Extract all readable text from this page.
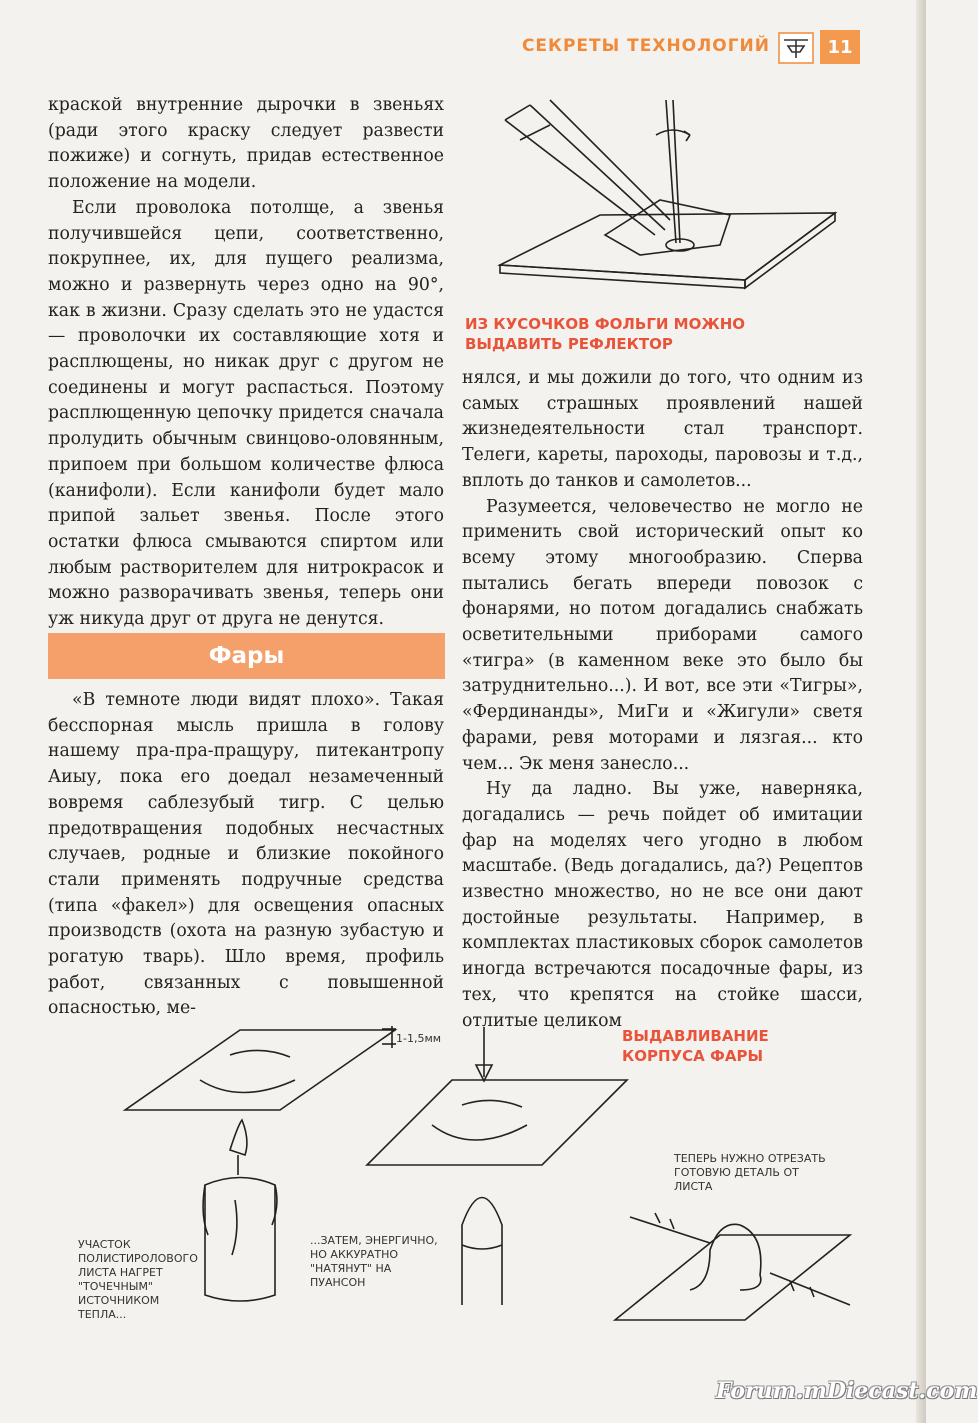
СЕКРЕТЫ ТЕХНОЛОГИЙ	11

краской внутренние дырочки в звеньях (ради этого краску следует развести пожиже) и согнуть, придав естественное положение на модели.

Если проволока потолще, а звенья получившейся цепи, соответственно, покрупнее, их, для пущего реализма, можно и развернуть через одно на 90°, как в жизни. Сразу сделать это не удастся — проволочки их составляющие хотя и расплющены, но никак друг с другом не соединены и могут распасться. Поэтому расплющенную цепочку придется сначала пролудить обычным свинцово-оловянным, припоем при большом количестве флюса (канифоли). Если канифоли будет мало припой зальет звенья. После этого остатки флюса смываются спиртом или любым растворителем для нитрокрасок и можно разворачивать звенья, теперь они уж никуда друг от друга не денутся.

Фары

«В темноте люди видят плохо». Такая бесспорная мысль пришла в голову нашему пра-пра-пращуру, питекантропу Аиыу, пока его доедал незамеченный вовремя саблезубый тигр. С целью предотвращения подобных несчастных случаев, родные и близкие покойного стали применять подручные средства (типа «факел») для освещения опасных производств (охота на разную зубастую и рогатую тварь). Шло время, профиль работ, связанных с повышенной опасностью, ме-

ИЗ КУСОЧКОВ ФОЛЬГИ МОЖНО ВЫДАВИТЬ РЕФЛЕКТОР

нялся, и мы дожили до того, что одним из самых страшных проявлений нашей жизнедеятельности стал транспорт. Телеги, кареты, пароходы, паровозы и т.д., вплоть до танков и самолетов...

Разумеется, человечество не могло не применить свой исторический опыт ко всему этому многообразию. Сперва пытались бегать впереди повозок с фонарями, но потом догадались снабжать осветительными приборами самого «тигра» (в каменном веке это было бы затруднительно...). И вот, все эти «Тигры», «Фердинанды», МиГи и «Жигули» светя фарами, ревя моторами и лязгая... кто чем... Эк меня занесло...

Ну да ладно. Вы уже, наверняка, догадались — речь пойдет об имитации фар на моделях чего угодно в любом масштабе. (Ведь догадались, да?) Рецептов известно множество, но не все они дают достойные результаты. Например, в комплектах пластиковых сборок самолетов иногда встречаются посадочные фары, из тех, что крепятся на стойке шасси, отлитые целиком

1-1,5мм
УЧАСТОК ПОЛИСТИРОЛОВОГО ЛИСТА НАГРЕТ "ТОЧЕЧНЫМ" ИСТОЧНИКОМ ТЕПЛА...
...ЗАТЕМ, ЭНЕРГИЧНО, НО АККУРАТНО "НАТЯНУТ" НА ПУАНСОН
ВЫДАВЛИВАНИЕ КОРПУСА ФАРЫ
ТЕПЕРЬ НУЖНО ОТРЕЗАТЬ ГОТОВУЮ ДЕТАЛЬ ОТ ЛИСТА
Forum.mDiecast.com
